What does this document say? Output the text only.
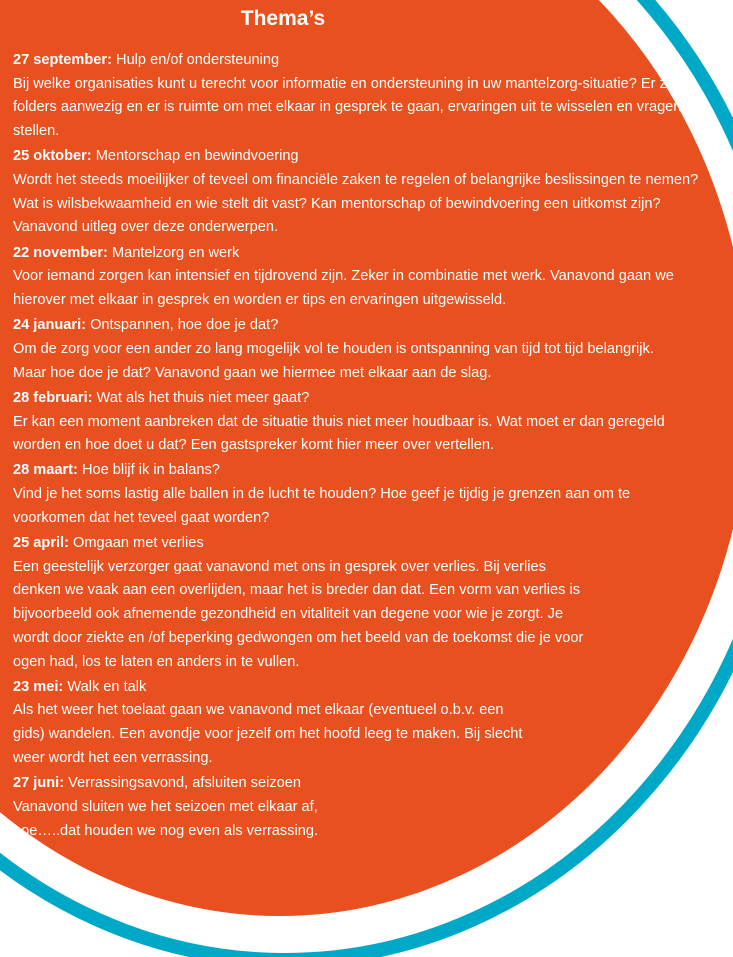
Thema’s

27 september: Hulp en/of ondersteuning

Bij welke organisaties kunt u terecht voor informatie en ondersteuning in uw mantelzorg-situatie? Er zijn folders aanwezig en er is ruimte om met elkaar in gesprek te gaan, ervaringen uit te wisselen en vragen te stellen.

25 oktober: Mentorschap en bewindvoering

Wordt het steeds moeilijker of teveel om financiële zaken te regelen of belangrijke beslissingen te nemen? Wat is wilsbekwaamheid en wie stelt dit vast? Kan mentorschap of bewindvoering een uitkomst zijn? Vanavond uitleg over deze onderwerpen.

22 november: Mantelzorg en werk

Voor iemand zorgen kan intensief en tijdrovend zijn. Zeker in combinatie met werk. Vanavond gaan we hierover met elkaar in gesprek en worden er tips en ervaringen uitgewisseld.

24 januari: Ontspannen, hoe doe je dat?

Om de zorg voor een ander zo lang mogelijk vol te houden is ontspanning van tijd tot tijd belangrijk. Maar hoe doe je dat? Vanavond gaan we hiermee met elkaar aan de slag.

28 februari: Wat als het thuis niet meer gaat?

Er kan een moment aanbreken dat de situatie thuis niet meer houdbaar is. Wat moet er dan geregeld worden en hoe doet u dat? Een gastspreker komt hier meer over vertellen.

28 maart: Hoe blijf ik in balans?

Vind je het soms lastig alle ballen in de lucht te houden? Hoe geef je tijdig je grenzen aan om te voorkomen dat het teveel gaat worden?

25 april: Omgaan met verlies

Een geestelijk verzorger gaat vanavond met ons in gesprek over verlies. Bij verlies denken we vaak aan een overlijden, maar het is breder dan dat. Een vorm van verlies is bijvoorbeeld ook afnemende gezondheid en vitaliteit van degene voor wie je zorgt. Je wordt door ziekte en /of beperking gedwongen om het beeld van de toekomst die je voor ogen had, los te laten en anders in te vullen.

23 mei: Walk en talk

Als het weer het toelaat gaan we vanavond met elkaar (eventueel o.b.v. een gids) wandelen. Een avondje voor jezelf om het hoofd leeg te maken. Bij slecht weer wordt het een verrassing.

27 juni: Verrassingsavond, afsluiten seizoen

Vanavond sluiten we het seizoen met elkaar af, hoe…..dat houden we nog even als verrassing.
